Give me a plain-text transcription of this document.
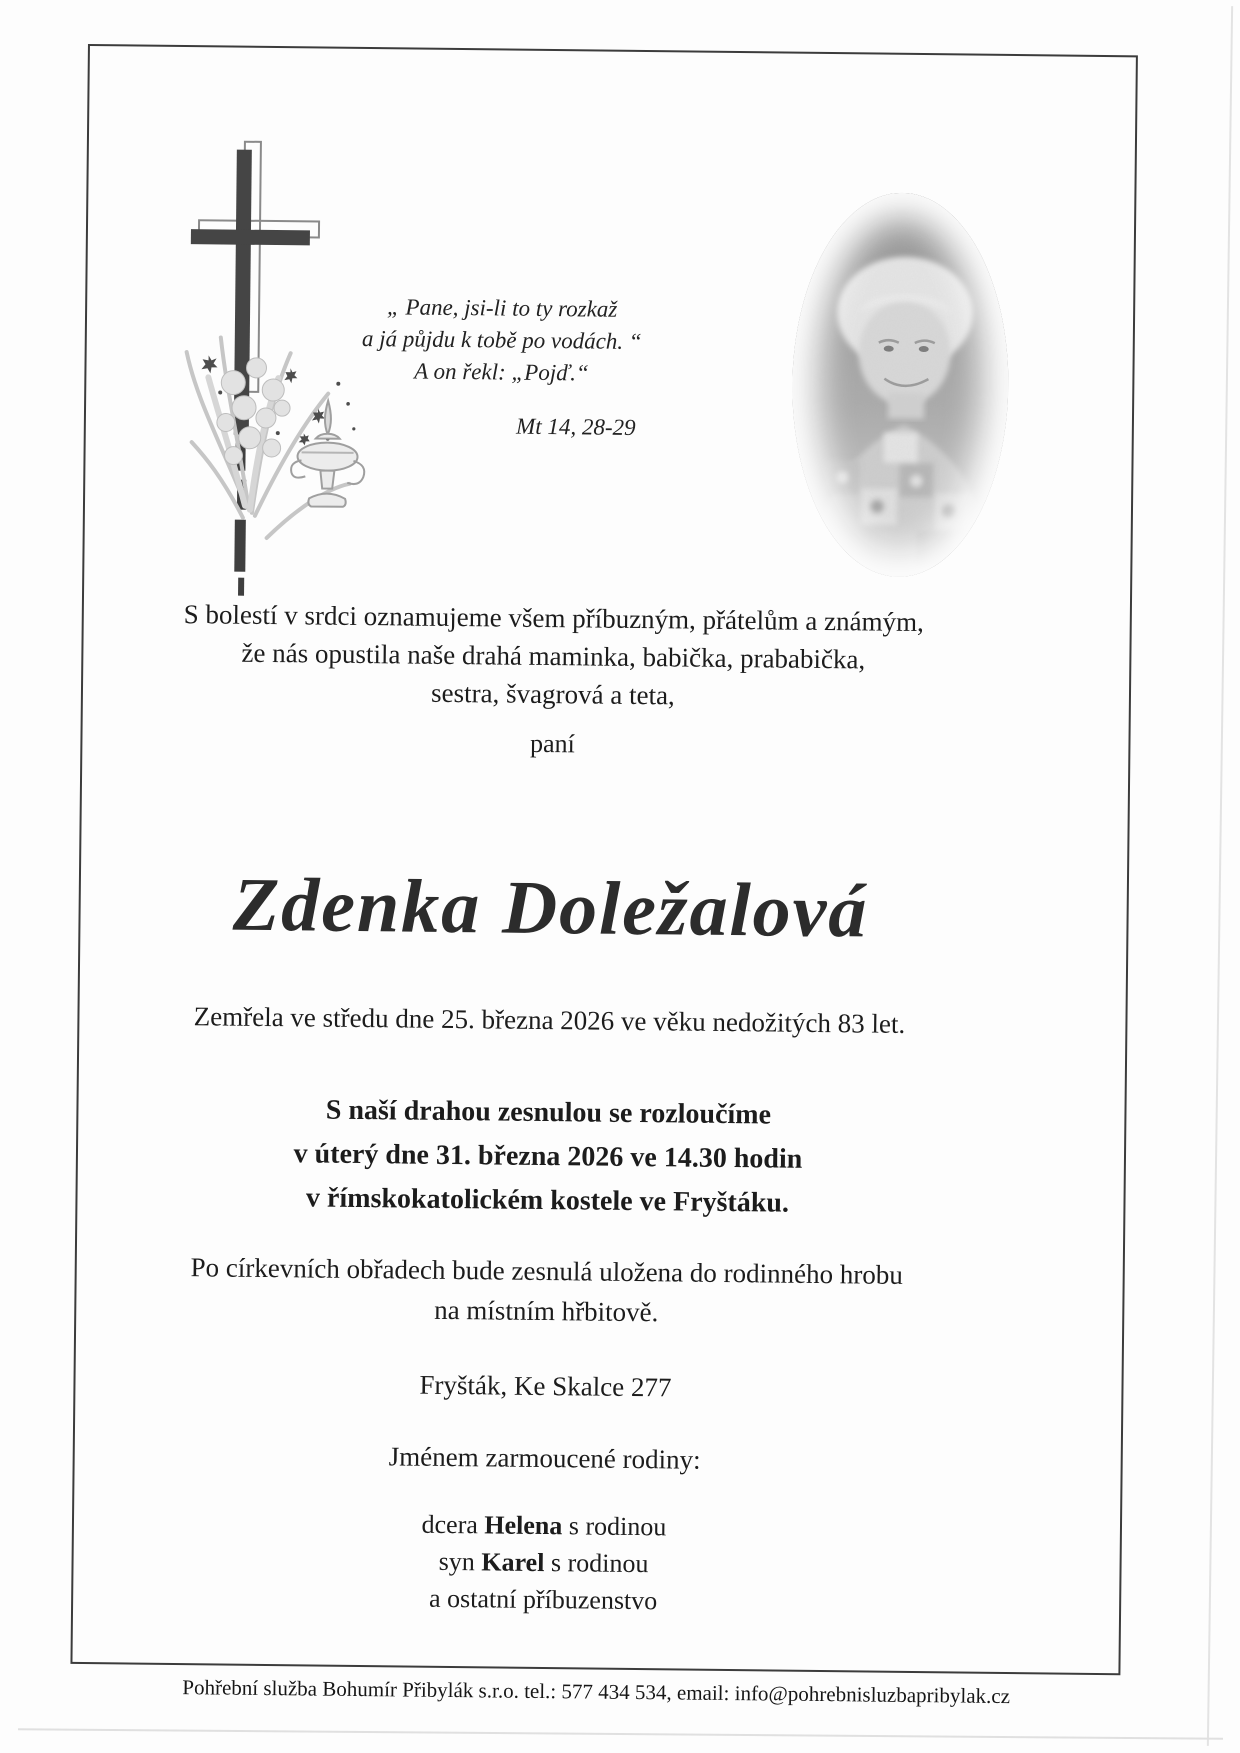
„ Pane, jsi-li to ty rozkaž
a já půjdu k tobě po vodách. “
A on řekl: „Pojď.“
Mt 14, 28-29
S bolestí v srdci oznamujeme všem příbuzným, přátelům a známým,
že nás opustila naše drahá maminka, babička, prababička,
sestra, švagrová a teta,
paní
Zdenka Doležalová
Zemřela ve středu dne 25. března 2026 ve věku nedožitých 83 let.
S naší drahou zesnulou se rozloučíme
v úterý dne 31. března 2026 ve 14.30 hodin
v římskokatolickém kostele ve Fryštáku.
Po církevních obřadech bude zesnulá uložena do rodinného hrobu
na místním hřbitově.
Fryšták, Ke Skalce 277
Jménem zarmoucené rodiny:
dcera Helena s rodinou
syn Karel s rodinou
a ostatní příbuzenstvo
Pohřební služba Bohumír Přibylák s.r.o. tel.: 577 434 534, email: info@pohrebnisluzbapribylak.cz
